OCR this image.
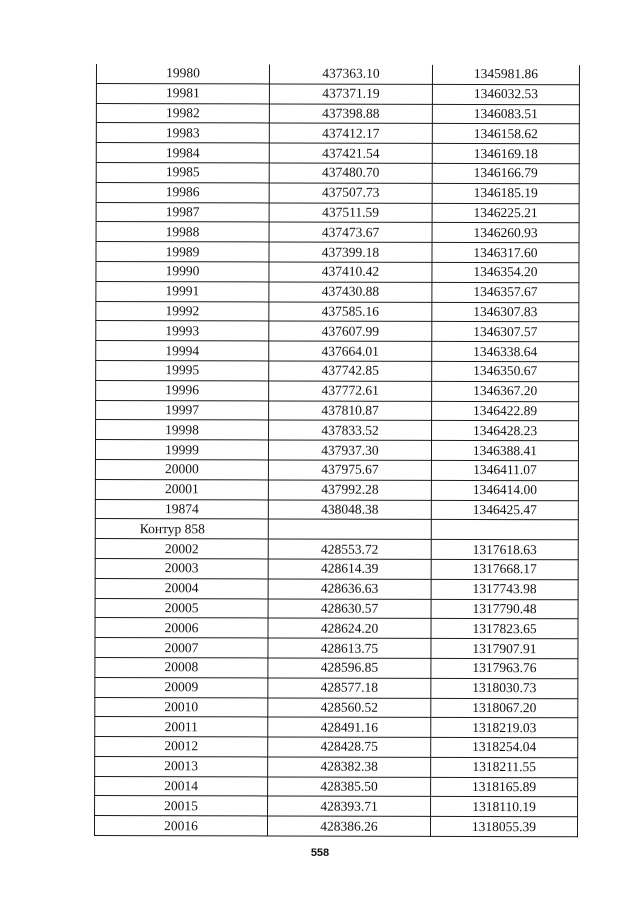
19980	437363.10	1345981.86
19981	437371.19	1346032.53
19982	437398.88	1346083.51
19983	437412.17	1346158.62
19984	437421.54	1346169.18
19985	437480.70	1346166.79
19986	437507.73	1346185.19
19987	437511.59	1346225.21
19988	437473.67	1346260.93
19989	437399.18	1346317.60
19990	437410.42	1346354.20
19991	437430.88	1346357.67
19992	437585.16	1346307.83
19993	437607.99	1346307.57
19994	437664.01	1346338.64
19995	437742.85	1346350.67
19996	437772.61	1346367.20
19997	437810.87	1346422.89
19998	437833.52	1346428.23
19999	437937.30	1346388.41
20000	437975.67	1346411.07
20001	437992.28	1346414.00
19874	438048.38	1346425.47
Контур 858		
20002	428553.72	1317618.63
20003	428614.39	1317668.17
20004	428636.63	1317743.98
20005	428630.57	1317790.48
20006	428624.20	1317823.65
20007	428613.75	1317907.91
20008	428596.85	1317963.76
20009	428577.18	1318030.73
20010	428560.52	1318067.20
20011	428491.16	1318219.03
20012	428428.75	1318254.04
20013	428382.38	1318211.55
20014	428385.50	1318165.89
20015	428393.71	1318110.19
20016	428386.26	1318055.39
558
